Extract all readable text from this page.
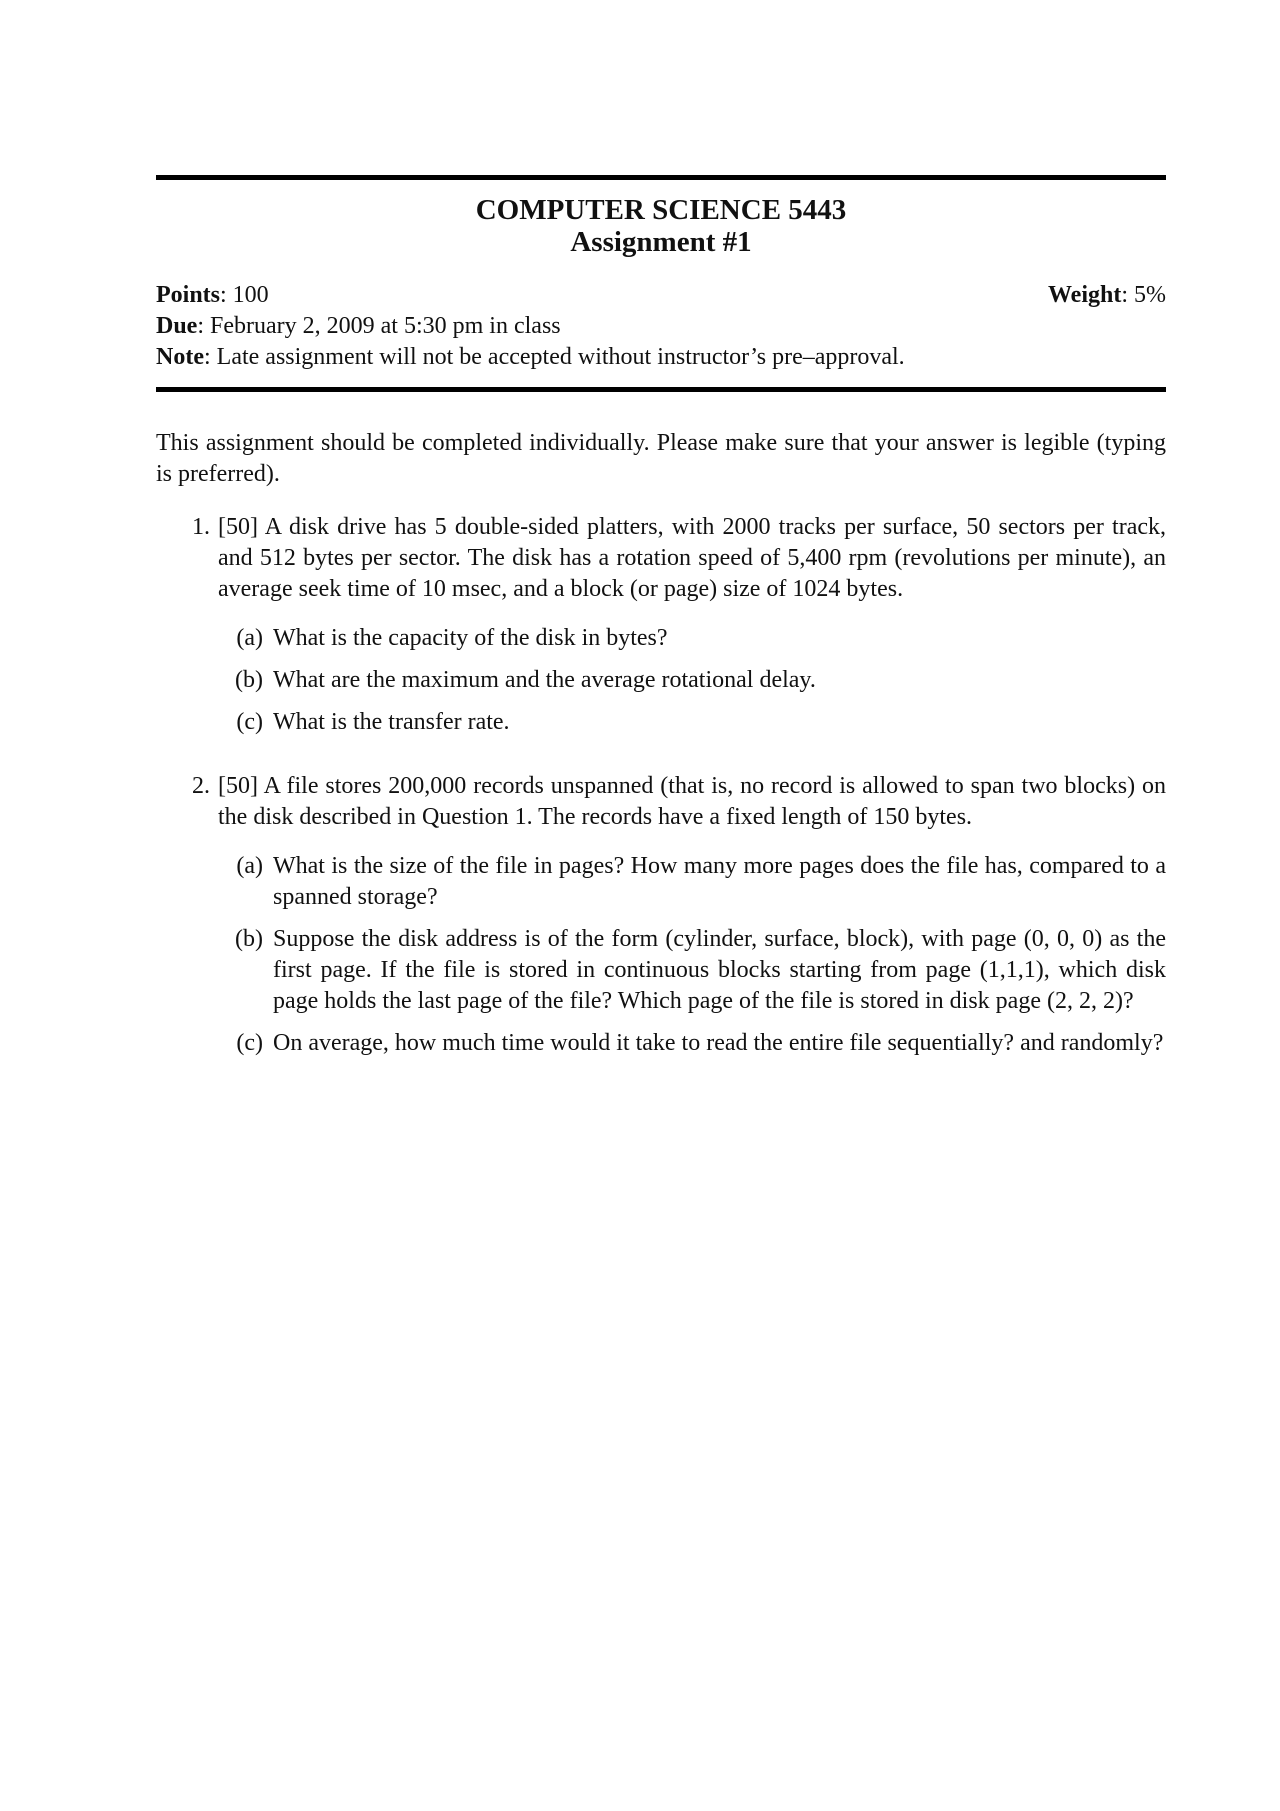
COMPUTER SCIENCE 5443
Assignment #1
Points: 100	Weight: 5%
Due: February 2, 2009 at 5:30 pm in class
Note: Late assignment will not be accepted without instructor’s pre–approval.
This assignment should be completed individually. Please make sure that your answer is legible (typing is preferred).
1. [50] A disk drive has 5 double-sided platters, with 2000 tracks per surface, 50 sectors per track, and 512 bytes per sector. The disk has a rotation speed of 5,400 rpm (revolutions per minute), an average seek time of 10 msec, and a block (or page) size of 1024 bytes.
(a) What is the capacity of the disk in bytes?
(b) What are the maximum and the average rotational delay.
(c) What is the transfer rate.
2. [50] A file stores 200,000 records unspanned (that is, no record is allowed to span two blocks) on the disk described in Question 1. The records have a fixed length of 150 bytes.
(a) What is the size of the file in pages? How many more pages does the file has, compared to a spanned storage?
(b) Suppose the disk address is of the form (cylinder, surface, block), with page (0, 0, 0) as the first page. If the file is stored in continuous blocks starting from page (1,1,1), which disk page holds the last page of the file? Which page of the file is stored in disk page (2, 2, 2)?
(c) On average, how much time would it take to read the entire file sequentially? and randomly?
